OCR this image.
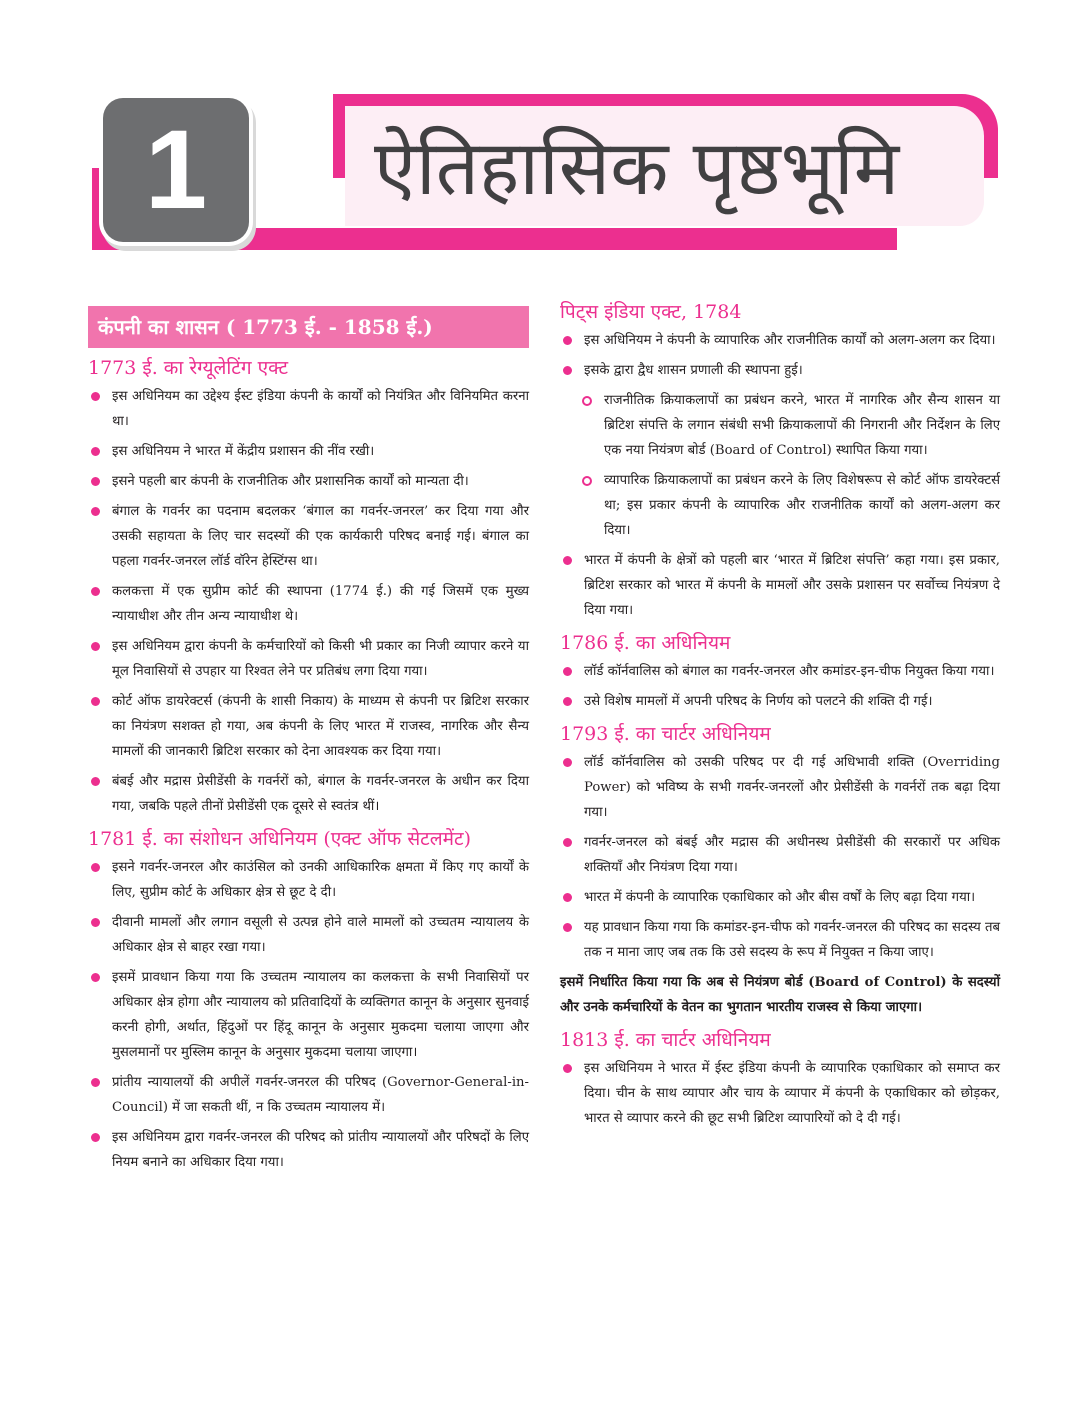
1 ऐतिहासिक पृष्ठभूमि
कंपनी का शासन ( 1773 ई. - 1858 ई.)
1773 ई. का रेग्यूलेटिंग एक्ट
इस अधिनियम का उद्देश्य ईस्ट इंडिया कंपनी के कार्यों को नियंत्रित और विनियमित करना था।
इस अधिनियम ने भारत में केंद्रीय प्रशासन की नींव रखी।
इसने पहली बार कंपनी के राजनीतिक और प्रशासनिक कार्यों को मान्यता दी।
बंगाल के गवर्नर का पदनाम बदलकर ‘बंगाल का गवर्नर-जनरल’ कर दिया गया और उसकी सहायता के लिए चार सदस्यों की एक कार्यकारी परिषद बनाई गई। बंगाल का पहला गवर्नर-जनरल लॉर्ड वॉरेन हेस्टिंग्स था।
कलकत्ता में एक सुप्रीम कोर्ट की स्थापना (1774 ई.) की गई जिसमें एक मुख्य न्यायाधीश और तीन अन्य न्यायाधीश थे।
इस अधिनियम द्वारा कंपनी के कर्मचारियों को किसी भी प्रकार का निजी व्यापार करने या मूल निवासियों से उपहार या रिश्वत लेने पर प्रतिबंध लगा दिया गया।
कोर्ट ऑफ डायरेक्टर्स (कंपनी के शासी निकाय) के माध्यम से कंपनी पर ब्रिटिश सरकार का नियंत्रण सशक्त हो गया, अब कंपनी के लिए भारत में राजस्व, नागरिक और सैन्य मामलों की जानकारी ब्रिटिश सरकार को देना आवश्यक कर दिया गया।
बंबई और मद्रास प्रेसीडेंसी के गवर्नरों को, बंगाल के गवर्नर-जनरल के अधीन कर दिया गया, जबकि पहले तीनों प्रेसीडेंसी एक दूसरे से स्वतंत्र थीं।
1781 ई. का संशोधन अधिनियम (एक्ट ऑफ सेटलमेंट)
इसने गवर्नर-जनरल और काउंसिल को उनकी आधिकारिक क्षमता में किए गए कार्यों के लिए, सुप्रीम कोर्ट के अधिकार क्षेत्र से छूट दे दी।
दीवानी मामलों और लगान वसूली से उत्पन्न होने वाले मामलों को उच्चतम न्यायालय के अधिकार क्षेत्र से बाहर रखा गया।
इसमें प्रावधान किया गया कि उच्चतम न्यायालय का कलकत्ता के सभी निवासियों पर अधिकार क्षेत्र होगा और न्यायालय को प्रतिवादियों के व्यक्तिगत कानून के अनुसार सुनवाई करनी होगी, अर्थात, हिंदुओं पर हिंदू कानून के अनुसार मुकदमा चलाया जाएगा और मुसलमानों पर मुस्लिम कानून के अनुसार मुकदमा चलाया जाएगा।
प्रांतीय न्यायालयों की अपीलें गवर्नर-जनरल की परिषद (Governor-General-in-Council) में जा सकती थीं, न कि उच्चतम न्यायालय में।
इस अधिनियम द्वारा गवर्नर-जनरल की परिषद को प्रांतीय न्यायालयों और परिषदों के लिए नियम बनाने का अधिकार दिया गया।
पिट्स इंडिया एक्ट, 1784
इस अधिनियम ने कंपनी के व्यापारिक और राजनीतिक कार्यों को अलग-अलग कर दिया।
इसके द्वारा द्वैध शासन प्रणाली की स्थापना हुई।
राजनीतिक क्रियाकलापों का प्रबंधन करने, भारत में नागरिक और सैन्य शासन या ब्रिटिश संपत्ति के लगान संबंधी सभी क्रियाकलापों की निगरानी और निर्देशन के लिए एक नया नियंत्रण बोर्ड (Board of Control) स्थापित किया गया।
व्यापारिक क्रियाकलापों का प्रबंधन करने के लिए विशेषरूप से कोर्ट ऑफ डायरेक्टर्स था; इस प्रकार कंपनी के व्यापारिक और राजनीतिक कार्यों को अलग-अलग कर दिया।
भारत में कंपनी के क्षेत्रों को पहली बार ‘भारत में ब्रिटिश संपत्ति’ कहा गया। इस प्रकार, ब्रिटिश सरकार को भारत में कंपनी के मामलों और उसके प्रशासन पर सर्वोच्च नियंत्रण दे दिया गया।
1786 ई. का अधिनियम
लॉर्ड कॉर्नवालिस को बंगाल का गवर्नर-जनरल और कमांडर-इन-चीफ नियुक्त किया गया।
उसे विशेष मामलों में अपनी परिषद के निर्णय को पलटने की शक्ति दी गई।
1793 ई. का चार्टर अधिनियम
लॉर्ड कॉर्नवालिस को उसकी परिषद पर दी गई अधिभावी शक्ति (Overriding Power) को भविष्य के सभी गवर्नर-जनरलों और प्रेसीडेंसी के गवर्नरों तक बढ़ा दिया गया।
गवर्नर-जनरल को बंबई और मद्रास की अधीनस्थ प्रेसीडेंसी की सरकारों पर अधिक शक्तियाँ और नियंत्रण दिया गया।
भारत में कंपनी के व्यापारिक एकाधिकार को और बीस वर्षों के लिए बढ़ा दिया गया।
यह प्रावधान किया गया कि कमांडर-इन-चीफ को गवर्नर-जनरल की परिषद का सदस्य तब तक न माना जाए जब तक कि उसे सदस्य के रूप में नियुक्त न किया जाए।

इसमें निर्धारित किया गया कि अब से नियंत्रण बोर्ड (Board of Control) के सदस्यों और उनके कर्मचारियों के वेतन का भुगतान भारतीय राजस्व से किया जाएगा।

1813 ई. का चार्टर अधिनियम
इस अधिनियम ने भारत में ईस्ट इंडिया कंपनी के व्यापारिक एकाधिकार को समाप्त कर दिया। चीन के साथ व्यापार और चाय के व्यापार में कंपनी के एकाधिकार को छोड़कर, भारत से व्यापार करने की छूट सभी ब्रिटिश व्यापारियों को दे दी गई।
